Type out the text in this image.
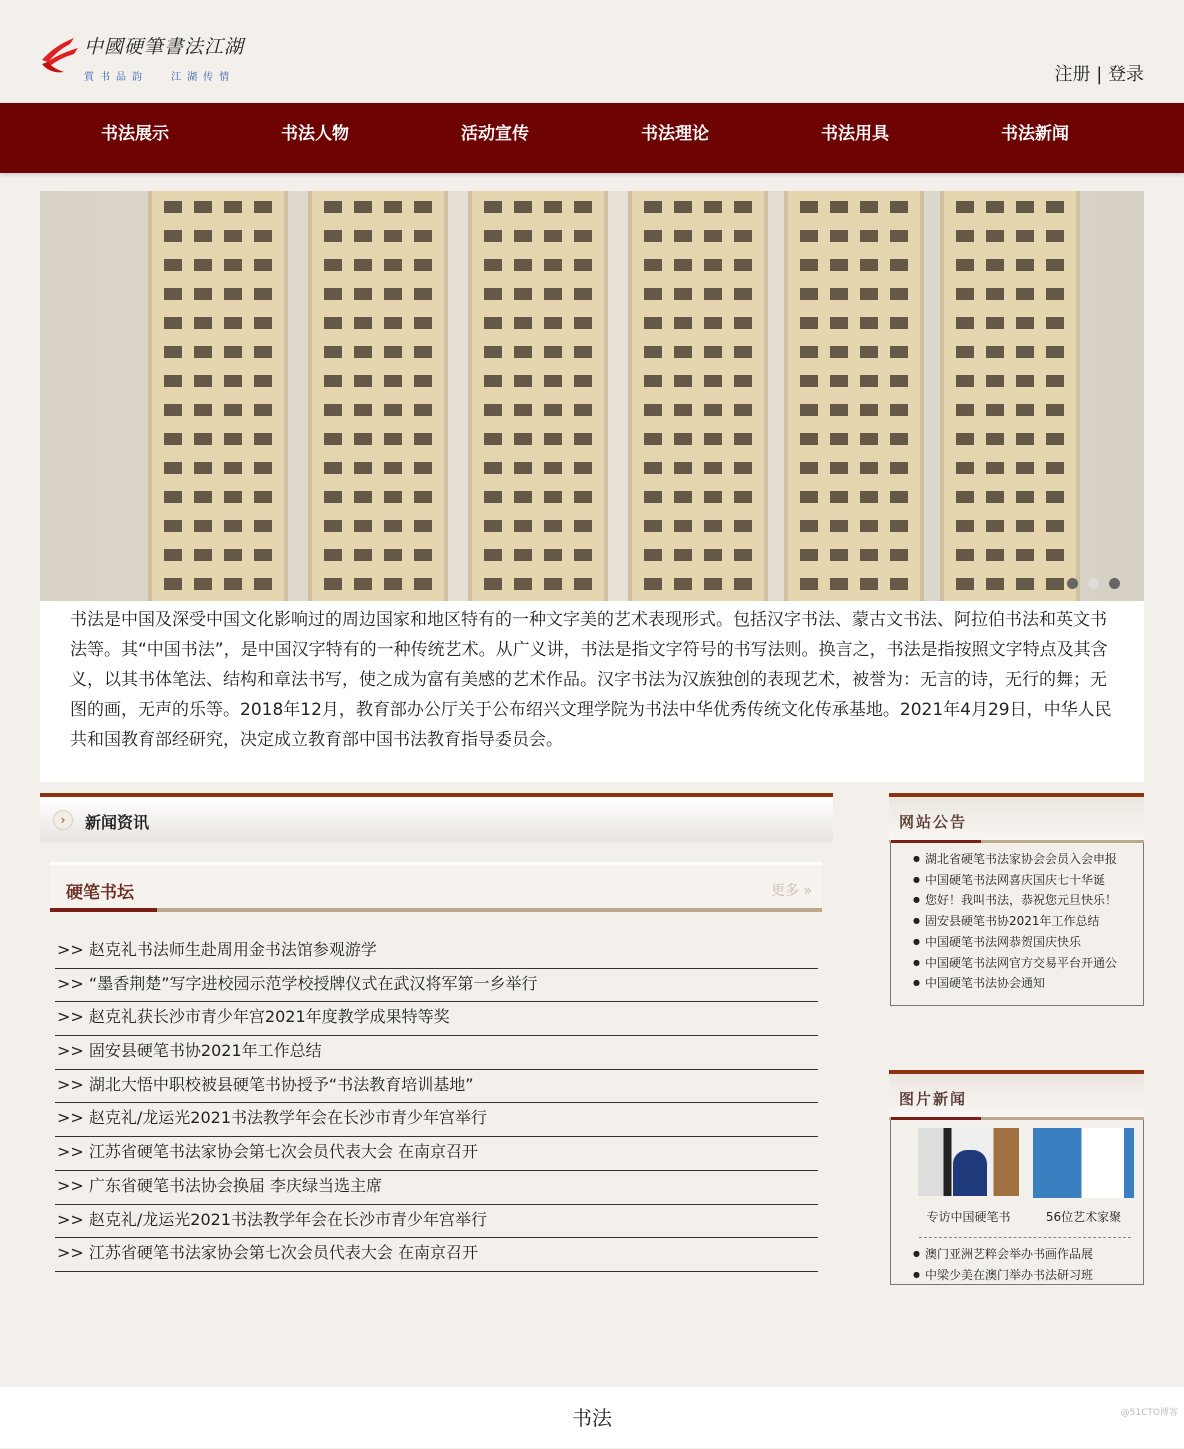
中國硬筆書法江湖
賞书品韵 江湖传情	注册 | 登录
书法展示	书法人物	活动宣传	书法理论	书法用具	书法新闻
书法是中国及深受中国文化影响过的周边国家和地区特有的一种文字美的艺术表现形式。包括汉字书法、蒙古文书法、阿拉伯书法和英文书法等。其“中国书法”，是中国汉字特有的一种传统艺术。从广义讲，书法是指文字符号的书写法则。换言之，书法是指按照文字特点及其含义，以其书体笔法、结构和章法书写，使之成为富有美感的艺术作品。汉字书法为汉族独创的表现艺术，被誉为：无言的诗，无行的舞；无图的画，无声的乐等。2018年12月，教育部办公厅关于公布绍兴文理学院为书法中华优秀传统文化传承基地。2021年4月29日，中华人民共和国教育部经研究，决定成立教育部中国书法教育指导委员会。
›	新闻资讯
硬笔书坛	更多 »
>> 赵克礼书法师生赴周用金书法馆参观游学
>> “墨香荆楚”写字进校园示范学校授牌仪式在武汉将军第一乡举行
>> 赵克礼获长沙市青少年宫2021年度教学成果特等奖
>> 固安县硬笔书协2021年工作总结
>> 湖北大悟中职校被县硬笔书协授予“书法教育培训基地”
>> 赵克礼/龙运光2021书法教学年会在长沙市青少年宫举行
>> 江苏省硬笔书法家协会第七次会员代表大会 在南京召开
>> 广东省硬笔书法协会换届 李庆绿当选主席
>> 赵克礼/龙运光2021书法教学年会在长沙市青少年宫举行
>> 江苏省硬笔书法家协会第七次会员代表大会 在南京召开
网站公告
● 湖北省硬笔书法家协会会员入会申报
● 中国硬笔书法网喜庆国庆七十华诞
● 您好！我叫书法，恭祝您元旦快乐！
● 固安县硬笔书协2021年工作总结
● 中国硬笔书法网恭贺国庆快乐
● 中国硬笔书法网官方交易平台开通公
● 中国硬笔书法协会通知
图片新闻
专访中国硬笔书	56位艺术家聚
● 澳门亚洲艺粹会举办书画作品展
● 中梁少美在澳门举办书法研习班
书法	@51CTO博客
